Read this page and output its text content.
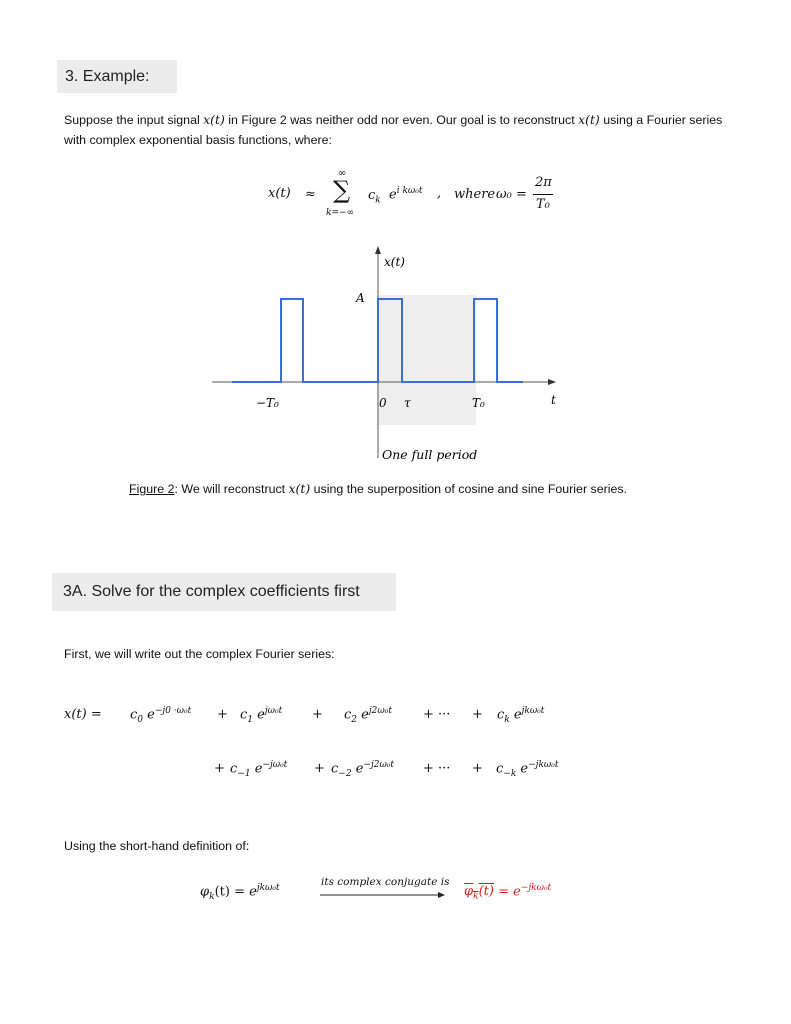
3. Example:
Suppose the input signal x(t) in Figure 2 was neither odd nor even. Our goal is to reconstruct x(t) using a Fourier series with complex exponential basis functions, where:
x(t) ≈
∞
∑
k=−∞
$c_k$ $e^{i k\omega_0t}$ , where ω₀ =
2π
T₀
x(t)
A
−T₀	0 τ	T₀	t
One full period
Figure 2: We will reconstruct x(t) using the superposition of cosine and sine Fourier series.
3A. Solve for the complex coefficients first
First, we will write out the complex Fourier series:
$x(t) = c_0$ $e^{-j0 \cdot\omega_0t} + c_1$ $e^{j\omega_0t} + c_2$ $e^{j2\omega_0t}$ + ··· + $c_k$ $e^{jk\omega_0t}$
+ $c_{-1}$ $e^{-j\omega_0t} + c_{-2}$ $e^{-j2\omega_0t}$ + ··· + $c_{-k}$ $e^{-jk\omega_0t}$
Using the short-hand definition of:
$\varphi_k(t) = e^{jk\omega_0t}$	its complex conjugate is
$\varphi_k(t) = e^{-jk\omega_0t}$
